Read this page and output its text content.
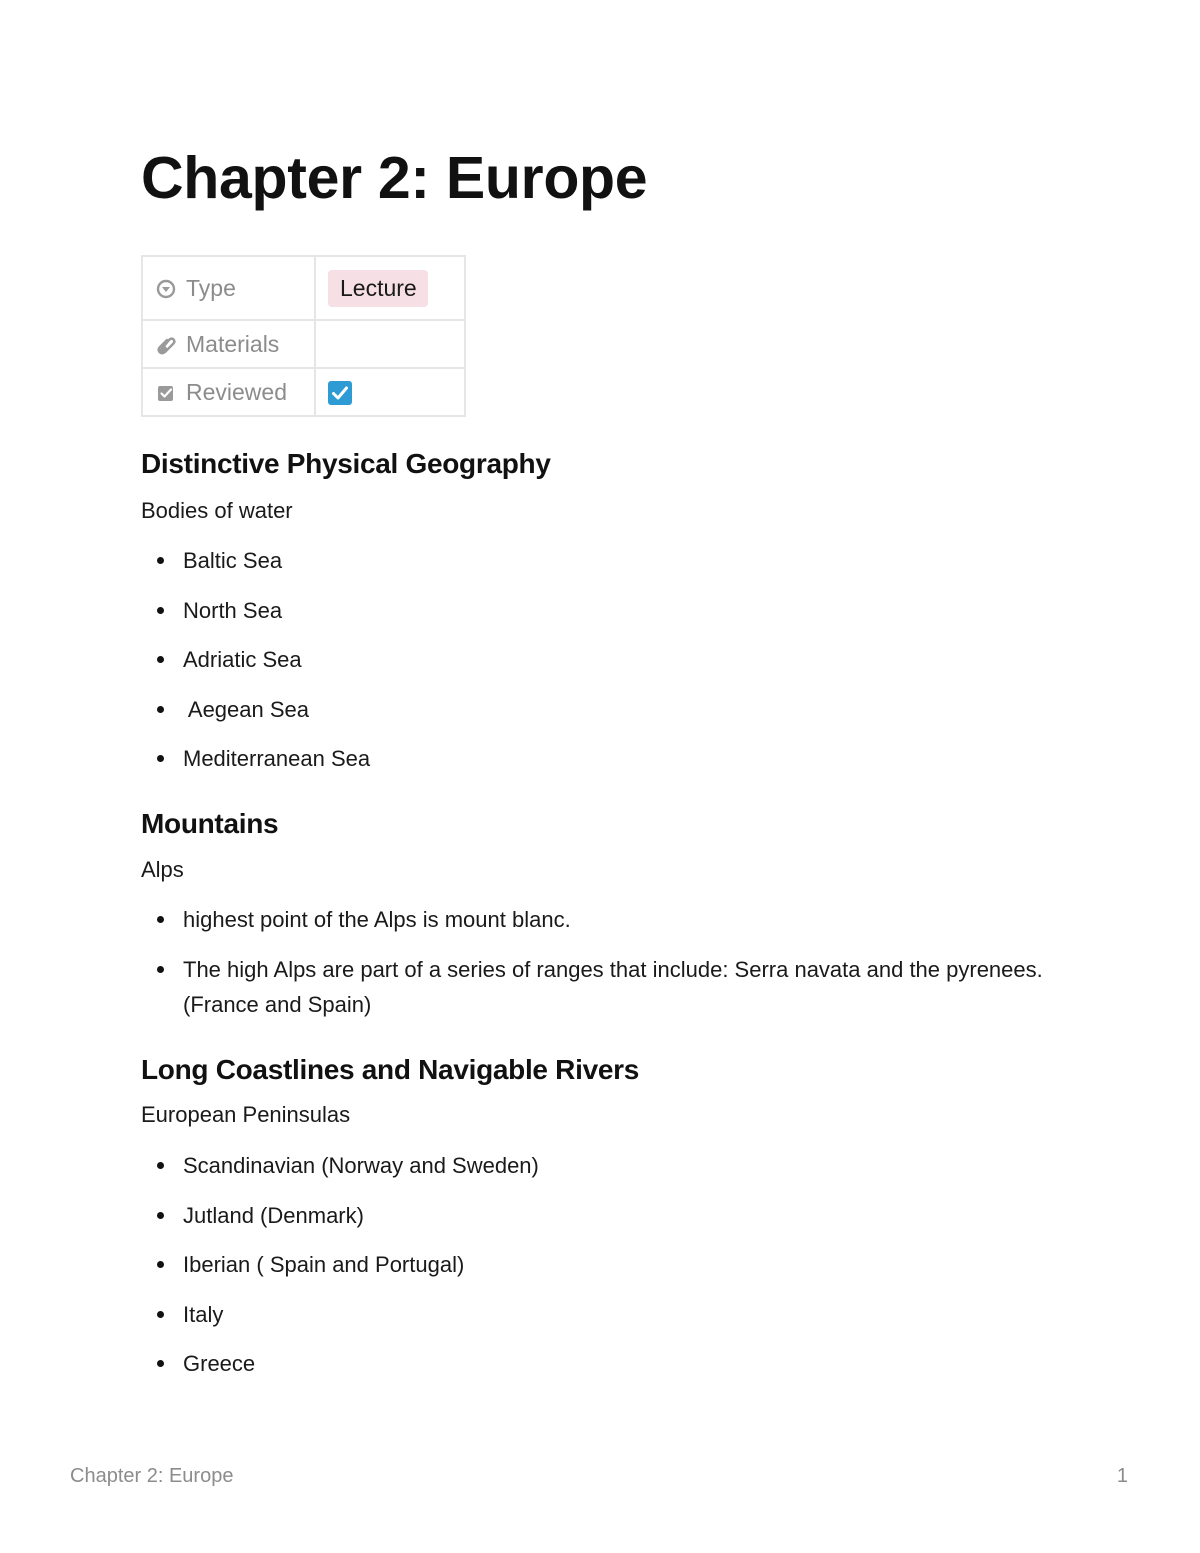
Chapter 2: Europe
Type	Lecture
Materials	
Reviewed	
Distinctive Physical Geography

Bodies of water

Baltic Sea
North Sea
Adriatic Sea
Aegean Sea
Mediterranean Sea
Mountains

Alps

highest point of the Alps is mount blanc.
The high Alps are part of a series of ranges that include: Serra navata and the pyrenees. (France and Spain)
Long Coastlines and Navigable Rivers

European Peninsulas

Scandinavian (Norway and Sweden)
Jutland (Denmark)
Iberian ( Spain and Portugal)
Italy
Greece
Chapter 2: Europe	1
